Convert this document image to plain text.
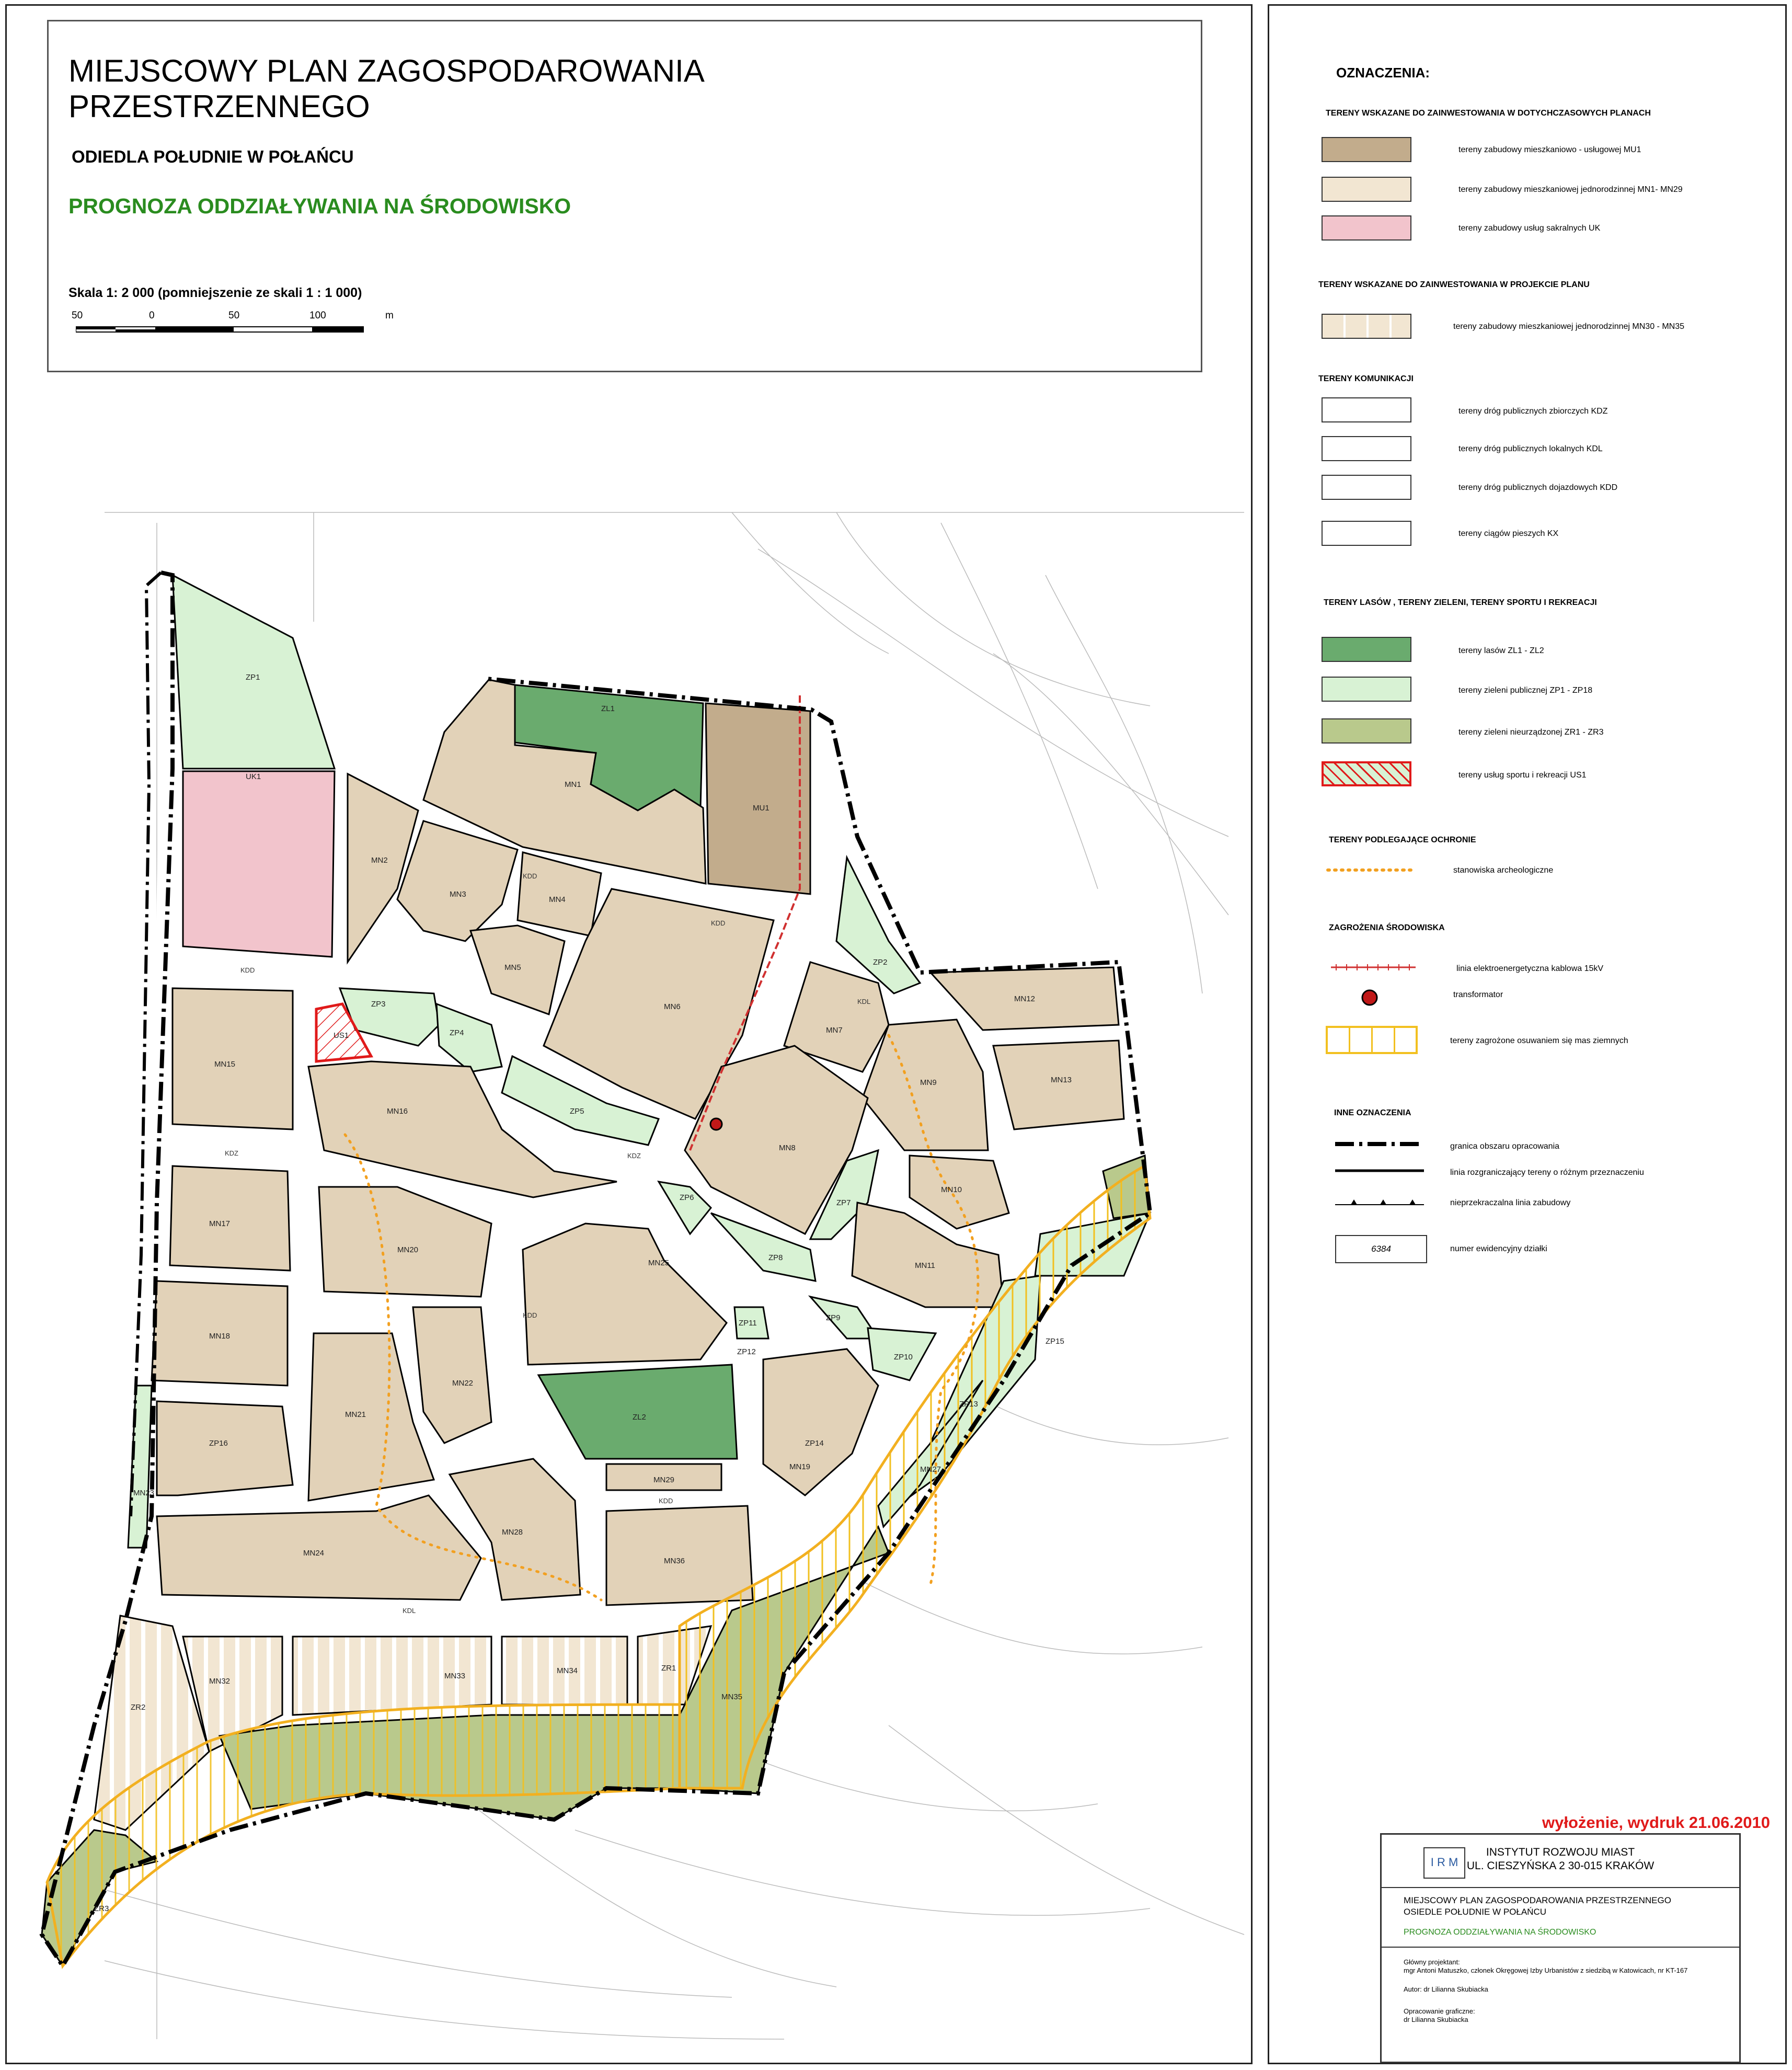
MIEJSCOWY PLAN ZAGOSPODAROWANIA
PRZESTRZENNEGO
ODIEDLA POŁUDNIE W POŁAŃCU
PROGNOZA ODDZIAŁYWANIA NA ŚRODOWISKO
Skala 1: 2 000 (pomniejszenie ze skali 1 : 1 000)
50	0	50	100	m
ZP1
UK1
ZL1
MN1
MU1
MN2
MN3
MN4
MN5
MN6
ZP2
MN7
MN12
MN9	MN13
ZP3
US1	ZP4
ZP5
MN15
MN16
MN8
MN10
ZP6
ZP7
ZP8
MN17
MN20
MN25	MN11
ZP9
ZP10
ZP11
ZP12
MN18
MN22
MN21	ZL2
ZP14
ZP15
ZP13
MN27
MN19
ZP16
MN23
MN24
MN28
MN29
MN36
MN32
MN33
MN34	ZR1
MN35
ZR2
ZR3
KDD
KDD
KDD
KDZ	KDZ
KDL
KDL
KDD
KDD
OZNACZENIA:
TERENY WSKAZANE DO ZAINWESTOWANIA W DOTYCHCZASOWYCH PLANACH
tereny zabudowy mieszkaniowo - usługowej MU1
tereny zabudowy mieszkaniowej jednorodzinnej MN1- MN29
tereny zabudowy usług sakralnych UK
TERENY WSKAZANE DO ZAINWESTOWANIA W PROJEKCIE PLANU
tereny zabudowy mieszkaniowej jednorodzinnej MN30 - MN35
TERENY KOMUNIKACJI
tereny dróg publicznych zbiorczych KDZ
tereny dróg publicznych lokalnych KDL
tereny dróg publicznych dojazdowych KDD
tereny ciągów pieszych KX
TERENY LASÓW , TERENY ZIELENI, TERENY SPORTU I REKREACJI
tereny lasów ZL1 - ZL2
tereny zieleni publicznej ZP1 - ZP18
tereny zieleni nieurządzonej ZR1 - ZR3
tereny usług sportu i rekreacji US1
TERENY PODLEGAJĄCE OCHRONIE
stanowiska archeologiczne
ZAGROŻENIA ŚRODOWISKA
linia elektroenergetyczna kablowa 15kV
transformator
tereny zagrożone osuwaniem się mas ziemnych
INNE OZNACZENIA
granica obszaru opracowania
linia rozgraniczający tereny o różnym przeznaczeniu
nieprzekraczalna linia zabudowy
6384	numer ewidencyjny działki
wyłożenie, wydruk 21.06.2010
I R M
INSTYTUT ROZWOJU MIAST
UL. CIESZYŃSKA 2 30-015 KRAKÓW
MIEJSCOWY PLAN ZAGOSPODAROWANIA PRZESTRZENNEGO
OSIEDLE POŁUDNIE W POŁAŃCU
PROGNOZA ODDZIAŁYWANIA NA ŚRODOWISKO
Główny projektant:
mgr Antoni Matuszko, członek Okręgowej Izby Urbanistów z siedzibą w Katowicach, nr KT-167
Autor: dr Lilianna Skubiacka
Opracowanie graficzne:
dr Lilianna Skubiacka
